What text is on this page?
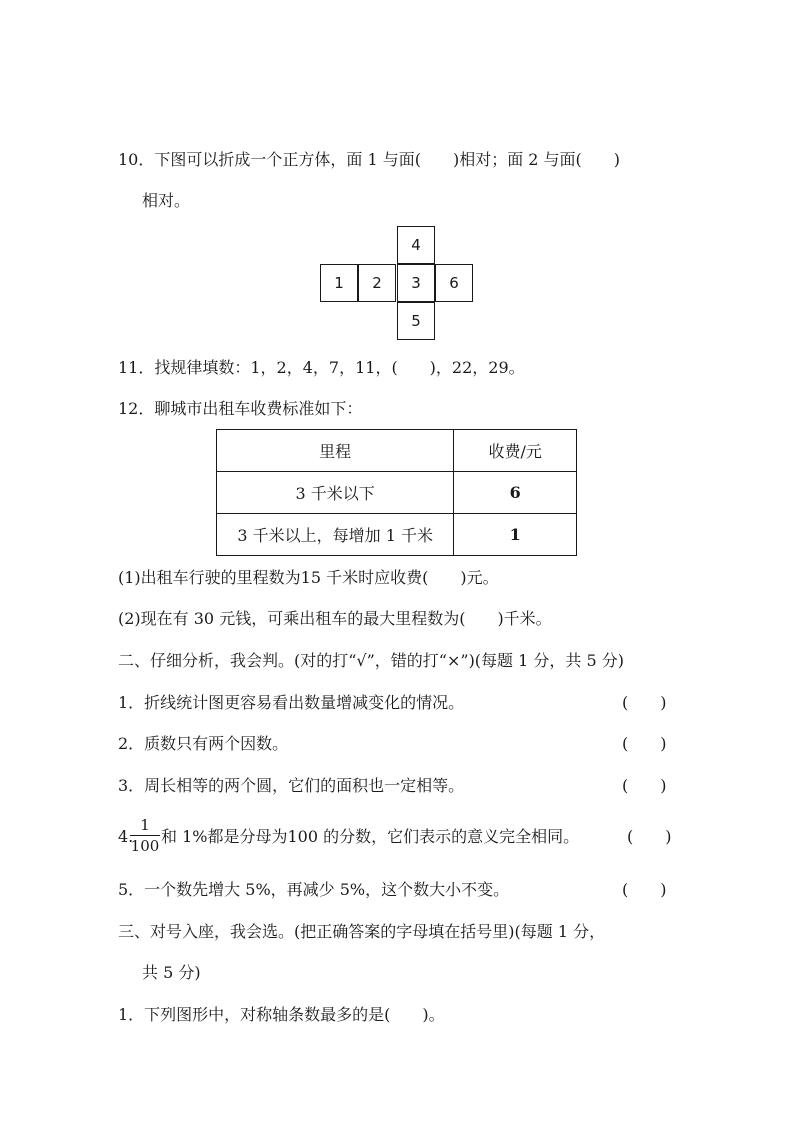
10．下图可以折成一个正方体，面 1 与面(　　)相对；面 2 与面(　　)
相对。
4
1	2	3	6
5
11．找规律填数：1，2，4，7，11，(　　)，22，29。
12．聊城市出租车收费标准如下：
里程	收费/元
3 千米以下	6
3 千米以上，每增加 1 千米	1
(1)出租车行驶的里程数为15 千米时应收费(　　)元。
(2)现在有 30 元钱，可乘出租车的最大里程数为(　　)千米。
二、仔细分析，我会判。(对的打“√”，错的打“×”)(每题 1 分，共 5 分)
1．折线统计图更容易看出数量增减变化的情况。	(　　)
2．质数只有两个因数。	(　　)
3．周长相等的两个圆，它们的面积也一定相等。	(　　)
4.
1
100 和 1%都是分母为100 的分数，它们表示的意义完全相同。	(　　)
5．一个数先增大 5%，再减少 5%，这个数大小不变。	(　　)
三、对号入座，我会选。(把正确答案的字母填在括号里)(每题 1 分，
共 5 分)
1．下列图形中，对称轴条数最多的是(　　)。
